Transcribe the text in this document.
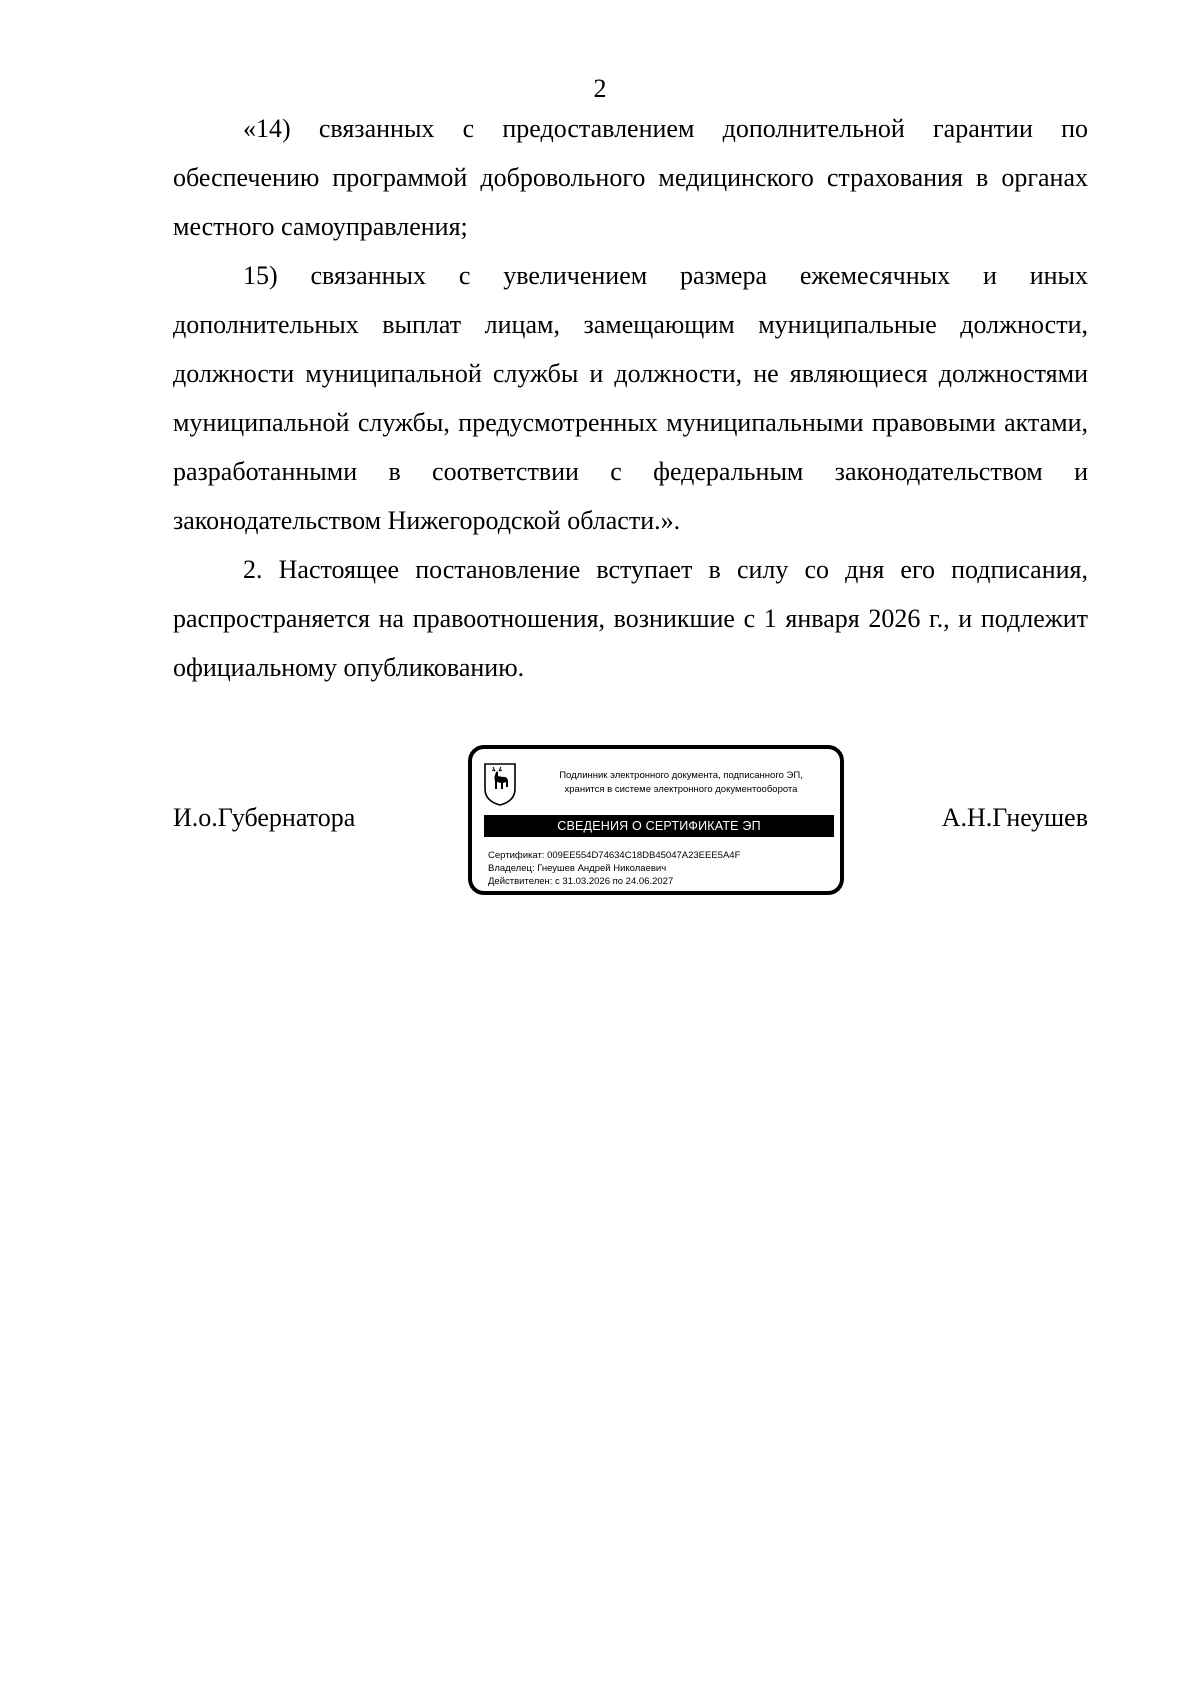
2

«14) связанных с предоставлением дополнительной гарантии по обеспечению программой добровольного медицинского страхования в органах местного самоуправления;

15) связанных с увеличением размера ежемесячных и иных дополнительных выплат лицам, замещающим муниципальные должности, должности муниципальной службы и должности, не являющиеся должностями муниципальной службы, предусмотренных муниципальными правовыми актами, разработанными в соответствии с федеральным законодательством и законодательством Нижегородской области.».

2. Настоящее постановление вступает в силу со дня его подписания, распространяется на правоотношения, возникшие с 1 января 2026 г., и подлежит официальному опубликованию.

И.о.Губернатора
Подлинник электронного документа, подписанного ЭП,
хранится в системе электронного документооборота
СВЕДЕНИЯ О СЕРТИФИКАТЕ ЭП
Сертификат: 009EE554D74634C18DB45047A23EEE5A4F
Владелец: Гнеушев Андрей Николаевич
Действителен: с 31.03.2026 по 24.06.2027
А.Н.Гнеушев
